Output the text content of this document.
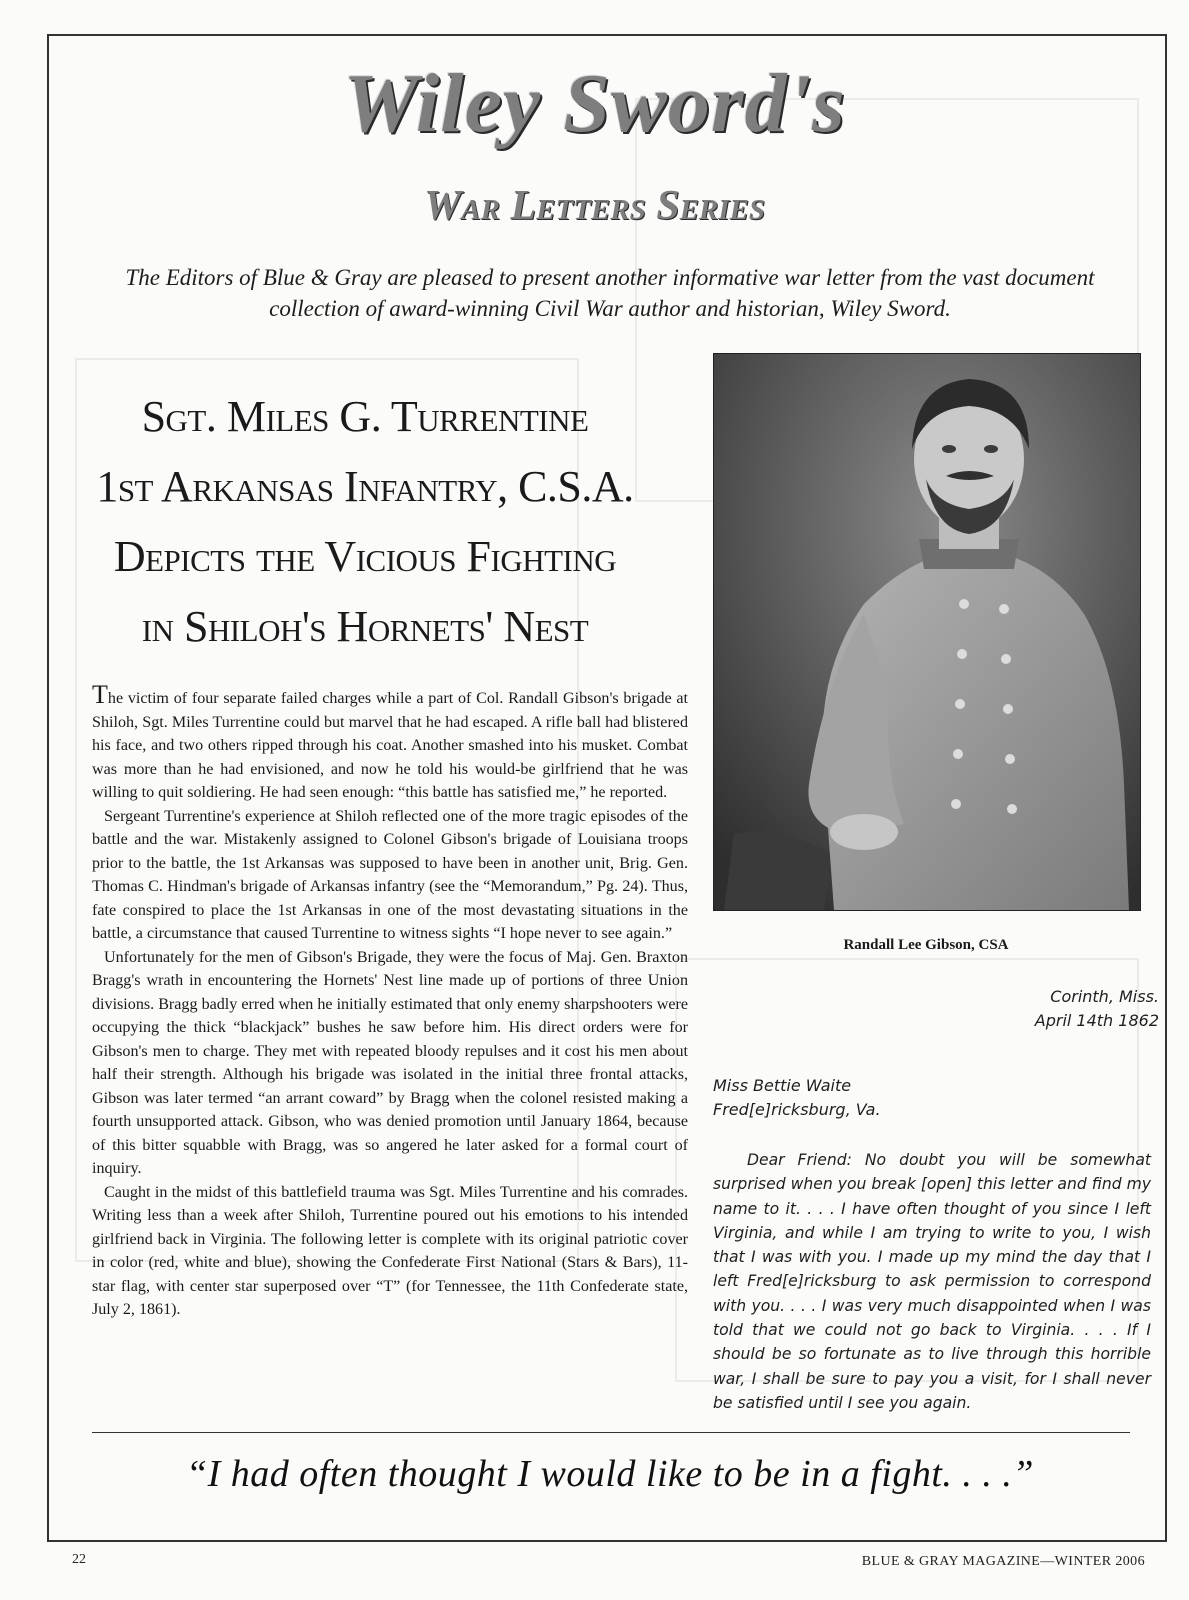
Wiley Sword's
War Letters Series
The Editors of Blue & Gray are pleased to present another informative war letter from the vast document collection of award-winning Civil War author and historian, Wiley Sword.
Sgt. Miles G. Turrentine
1st Arkansas Infantry, C.S.A.
Depicts the Vicious Fighting
in Shiloh's Hornets' Nest
Randall Lee Gibson, CSA

The victim of four separate failed charges while a part of Col. Randall Gibson's brigade at Shiloh, Sgt. Miles Turrentine could but marvel that he had escaped. A rifle ball had blistered his face, and two others ripped through his coat. Another smashed into his musket. Combat was more than he had envisioned, and now he told his would-be girlfriend that he was willing to quit soldiering. He had seen enough: “this battle has satisfied me,” he reported.

Sergeant Turrentine's experience at Shiloh reflected one of the more tragic episodes of the battle and the war. Mistakenly assigned to Colonel Gibson's brigade of Louisiana troops prior to the battle, the 1st Arkansas was supposed to have been in another unit, Brig. Gen. Thomas C. Hindman's brigade of Arkansas infantry (see the “Memorandum,” Pg. 24). Thus, fate conspired to place the 1st Arkansas in one of the most devastating situations in the battle, a circumstance that caused Turrentine to witness sights “I hope never to see again.”

Unfortunately for the men of Gibson's Brigade, they were the focus of Maj. Gen. Braxton Bragg's wrath in encountering the Hornets' Nest line made up of portions of three Union divisions. Bragg badly erred when he initially estimated that only enemy sharpshooters were occupying the thick “blackjack” bushes he saw before him. His direct orders were for Gibson's men to charge. They met with repeated bloody repulses and it cost his men about half their strength. Although his brigade was isolated in the initial three frontal attacks, Gibson was later termed “an arrant coward” by Bragg when the colonel resisted making a fourth unsupported attack. Gibson, who was denied promotion until January 1864, because of this bitter squabble with Bragg, was so angered he later asked for a formal court of inquiry.

Caught in the midst of this battlefield trauma was Sgt. Miles Turrentine and his comrades. Writing less than a week after Shiloh, Turrentine poured out his emotions to his intended girlfriend back in Virginia. The following letter is complete with its original patriotic cover in color (red, white and blue), showing the Confederate First National (Stars & Bars), 11-star flag, with center star superposed over “T” (for Tennessee, the 11th Confederate state, July 2, 1861).

Corinth, Miss.
April 14th 1862
Miss Bettie Waite
Fred[e]ricksburg, Va.
Dear Friend: No doubt you will be somewhat surprised when you break [open] this letter and find my name to it. . . . I have often thought of you since I left Virginia, and while I am trying to write to you, I wish that I was with you. I made up my mind the day that I left Fred[e]ricksburg to ask permission to correspond with you. . . . I was very much disappointed when I was told that we could not go back to Virginia. . . . If I should be so fortunate as to live through this horrible war, I shall be sure to pay you a visit, for I shall never be satisfied until I see you again.
“I had often thought I would like to be in a fight. . . .”
22	BLUE & GRAY MAGAZINE—WINTER 2006
